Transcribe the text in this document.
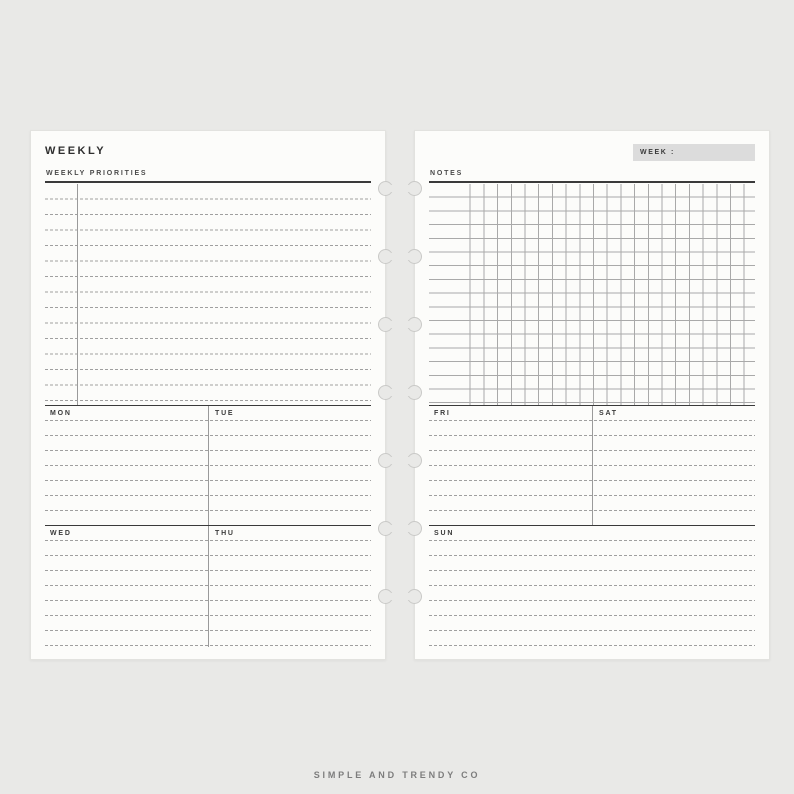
WEEKLY
WEEKLY PRIORITIES
MON	TUE
WED	THU
WEEK :
NOTES
FRI	SAT
SUN
SIMPLE AND TRENDY CO
